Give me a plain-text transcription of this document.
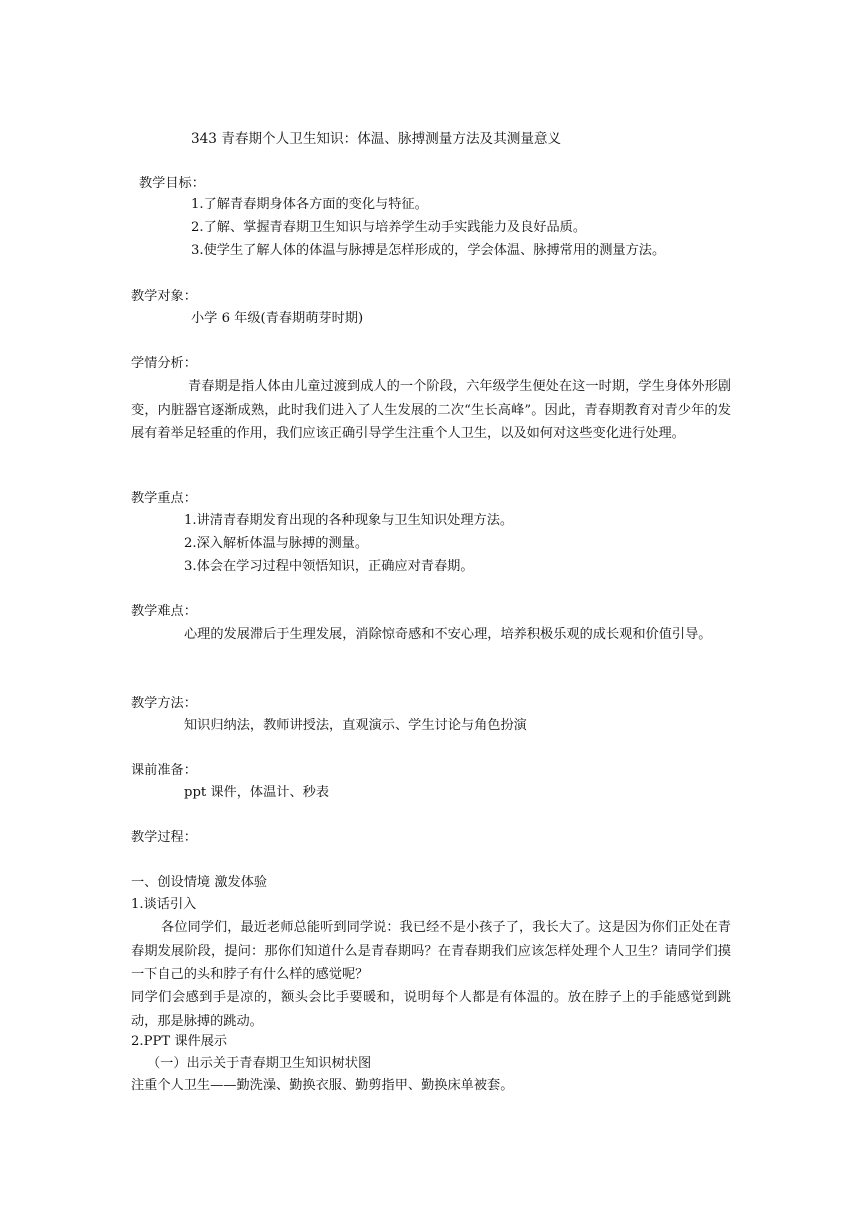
343 青春期个人卫生知识：体温、脉搏测量方法及其测量意义
教学目标：
1.了解青春期身体各方面的变化与特征。
2.了解、掌握青春期卫生知识与培养学生动手实践能力及良好品质。
3.使学生了解人体的体温与脉搏是怎样形成的，学会体温、脉搏常用的测量方法。
教学对象：
小学 6 年级(青春期萌芽时期)
学情分析：
青春期是指人体由儿童过渡到成人的一个阶段，六年级学生便处在这一时期，学生身体外形剧变，内脏器官逐渐成熟，此时我们进入了人生发展的二次“生长高峰”。因此，青春期教育对青少年的发展有着举足轻重的作用，我们应该正确引导学生注重个人卫生，以及如何对这些变化进行处理。
教学重点：
1.讲清青春期发育出现的各种现象与卫生知识处理方法。
2.深入解析体温与脉搏的测量。
3.体会在学习过程中领悟知识，正确应对青春期。
教学难点：
心理的发展滞后于生理发展，消除惊奇感和不安心理，培养积极乐观的成长观和价值引导。
教学方法：
知识归纳法，教师讲授法，直观演示、学生讨论与角色扮演
课前准备：
ppt 课件，体温计、秒表
教学过程：
一、创设情境 激发体验
1.谈话引入
各位同学们，最近老师总能听到同学说：我已经不是小孩子了，我长大了。这是因为你们正处在青春期发展阶段，提问：那你们知道什么是青春期吗？在青春期我们应该怎样处理个人卫生？请同学们摸一下自己的头和脖子有什么样的感觉呢？
同学们会感到手是凉的，额头会比手要暖和，说明每个人都是有体温的。放在脖子上的手能感觉到跳动，那是脉搏的跳动。
2.PPT 课件展示
（一）出示关于青春期卫生知识树状图
注重个人卫生——勤洗澡、勤换衣服、勤剪指甲、勤换床单被套。
